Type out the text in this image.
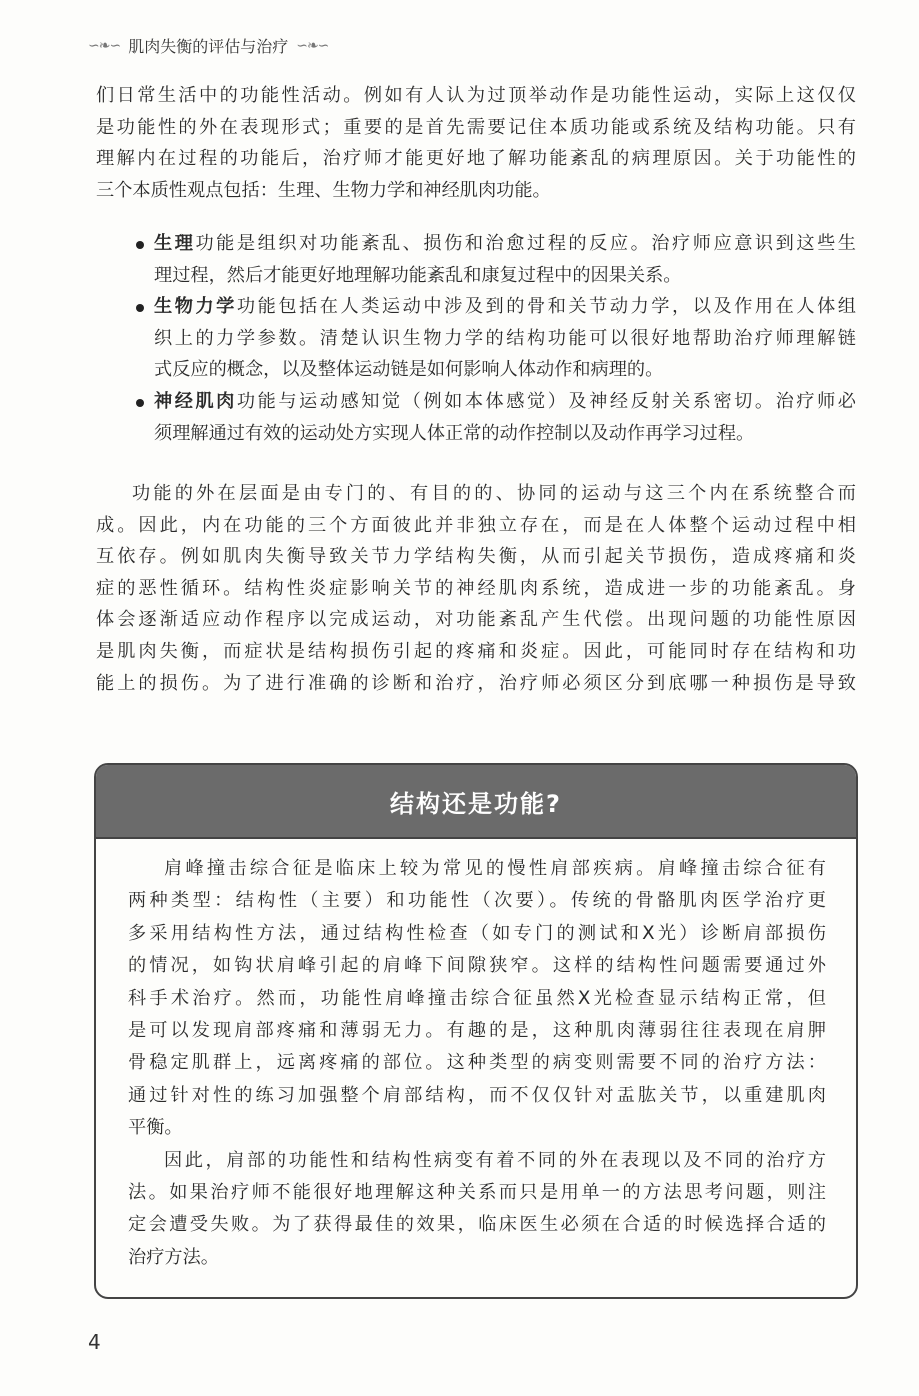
∽❧∽ 肌肉失衡的评估与治疗 ∽❧∽
们日常生活中的功能性活动。例如有人认为过顶举动作是功能性运动，实际上这仅仅
是功能性的外在表现形式；重要的是首先需要记住本质功能或系统及结构功能。只有
理解内在过程的功能后，治疗师才能更好地了解功能紊乱的病理原因。关于功能性的
三个本质性观点包括：生理、生物力学和神经肌肉功能。
生理功能是组织对功能紊乱、损伤和治愈过程的反应。治疗师应意识到这些生
理过程，然后才能更好地理解功能紊乱和康复过程中的因果关系。
生物力学功能包括在人类运动中涉及到的骨和关节动力学，以及作用在人体组
织上的力学参数。清楚认识生物力学的结构功能可以很好地帮助治疗师理解链
式反应的概念，以及整体运动链是如何影响人体动作和病理的。
神经肌肉功能与运动感知觉（例如本体感觉）及神经反射关系密切。治疗师必
须理解通过有效的运动处方实现人体正常的动作控制以及动作再学习过程。
功能的外在层面是由专门的、有目的的、协同的运动与这三个内在系统整合而
成。因此，内在功能的三个方面彼此并非独立存在，而是在人体整个运动过程中相
互依存。例如肌肉失衡导致关节力学结构失衡，从而引起关节损伤，造成疼痛和炎
症的恶性循环。结构性炎症影响关节的神经肌肉系统，造成进一步的功能紊乱。身
体会逐渐适应动作程序以完成运动，对功能紊乱产生代偿。出现问题的功能性原因
是肌肉失衡，而症状是结构损伤引起的疼痛和炎症。因此，可能同时存在结构和功
能上的损伤。为了进行准确的诊断和治疗，治疗师必须区分到底哪一种损伤是导致
结构还是功能?
肩峰撞击综合征是临床上较为常见的慢性肩部疾病。肩峰撞击综合征有
两种类型：结构性（主要）和功能性（次要）。传统的骨骼肌肉医学治疗更
多采用结构性方法，通过结构性检查（如专门的测试和X光）诊断肩部损伤
的情况，如钩状肩峰引起的肩峰下间隙狭窄。这样的结构性问题需要通过外
科手术治疗。然而，功能性肩峰撞击综合征虽然X光检查显示结构正常，但
是可以发现肩部疼痛和薄弱无力。有趣的是，这种肌肉薄弱往往表现在肩胛
骨稳定肌群上，远离疼痛的部位。这种类型的病变则需要不同的治疗方法：
通过针对性的练习加强整个肩部结构，而不仅仅针对盂肱关节，以重建肌肉
平衡。
因此，肩部的功能性和结构性病变有着不同的外在表现以及不同的治疗方
法。如果治疗师不能很好地理解这种关系而只是用单一的方法思考问题，则注
定会遭受失败。为了获得最佳的效果，临床医生必须在合适的时候选择合适的
治疗方法。
4
